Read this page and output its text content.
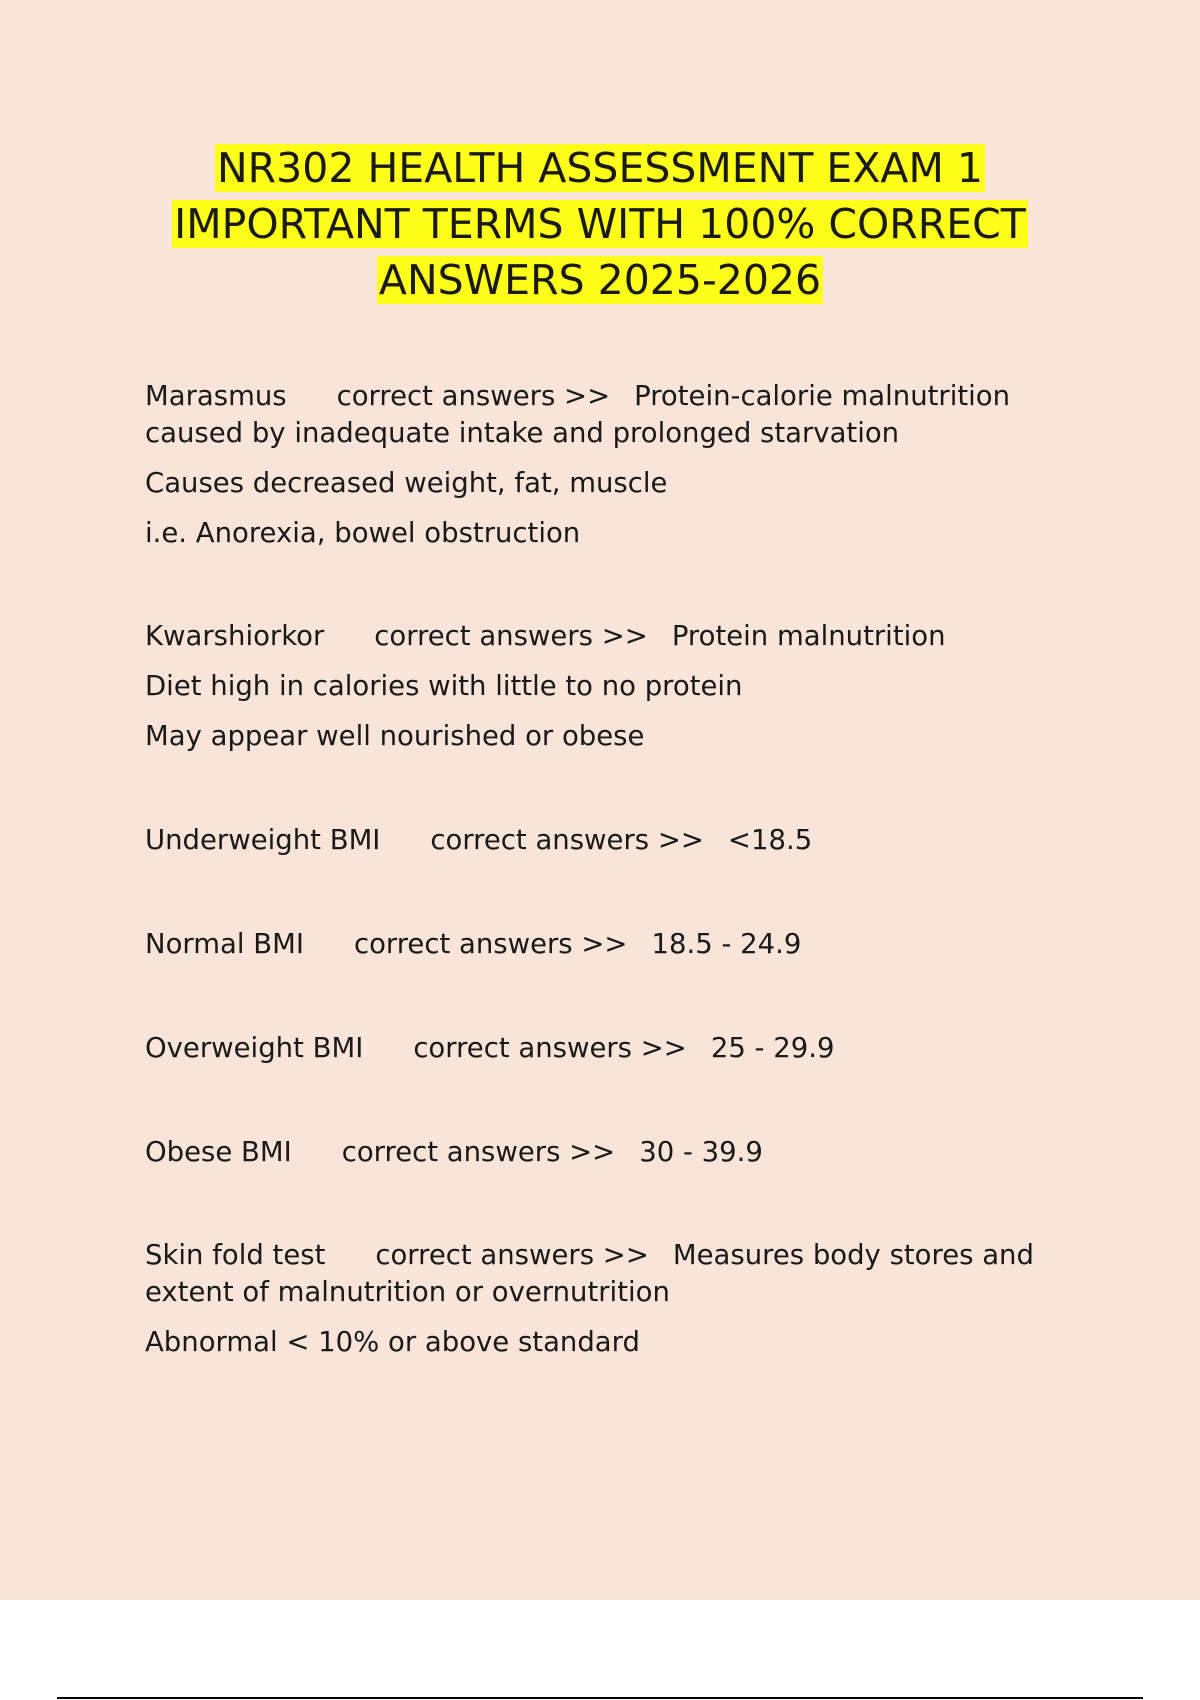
NR302 HEALTH ASSESSMENT EXAM 1
IMPORTANT TERMS WITH 100% CORRECT
ANSWERS 2025-2026

Marasmus correct answers >> Protein-calorie malnutrition caused by inadequate intake and prolonged starvation

Causes decreased weight, fat, muscle

i.e. Anorexia, bowel obstruction

Kwarshiorkor correct answers >> Protein malnutrition

Diet high in calories with little to no protein

May appear well nourished or obese

Underweight BMI correct answers >> <18.5

Normal BMI correct answers >> 18.5 - 24.9

Overweight BMI correct answers >> 25 - 29.9

Obese BMI correct answers >> 30 - 39.9

Skin fold test correct answers >> Measures body stores and extent of malnutrition or overnutrition

Abnormal < 10% or above standard
